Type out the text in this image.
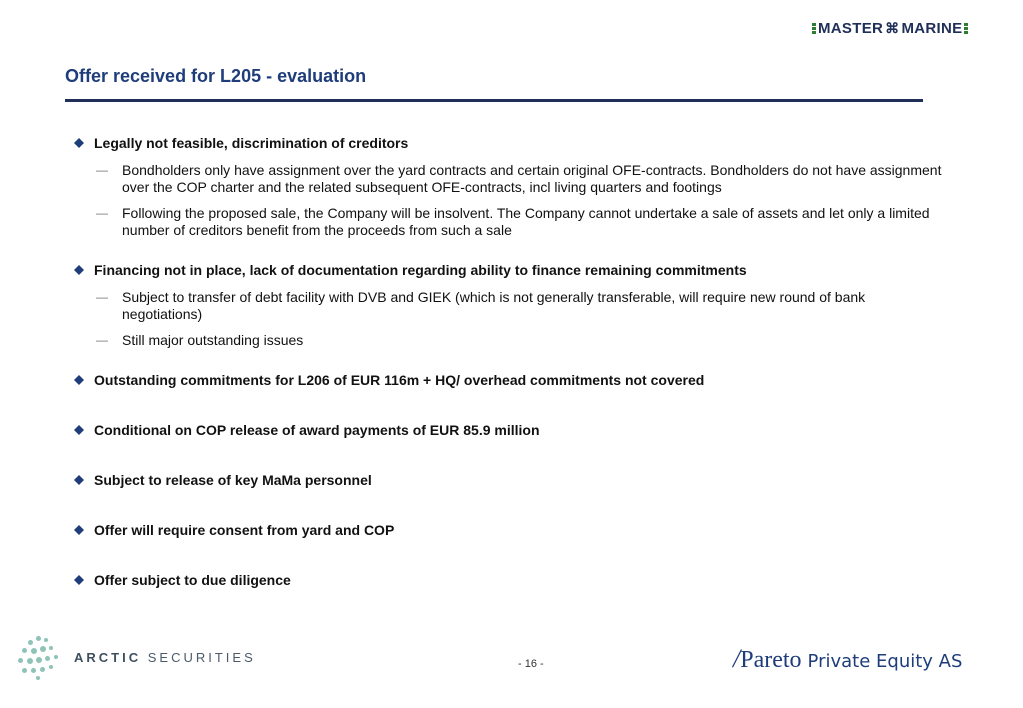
MASTER ⌘ MARINE
Offer received for L205 - evaluation
Legally not feasible, discrimination of creditors
— Bondholders only have assignment over the yard contracts and certain original OFE-contracts. Bondholders do not have assignment over the COP charter and the related subsequent OFE-contracts, incl living quarters and footings
— Following the proposed sale, the Company will be insolvent. The Company cannot undertake a sale of assets and let only a limited number of creditors benefit from the proceeds from such a sale
Financing not in place, lack of documentation regarding ability to finance remaining commitments
— Subject to transfer of debt facility with DVB and GIEK (which is not generally transferable, will require new round of bank negotiations)
— Still major outstanding issues
Outstanding commitments for L206 of EUR 116m + HQ/ overhead commitments not covered
Conditional on COP release of award payments of EUR 85.9 million
Subject to release of key MaMa personnel
Offer will require consent from yard and COP
Offer subject to due diligence
ARCTIC SECURITIES	- 16 -	/ Pareto Private Equity AS
